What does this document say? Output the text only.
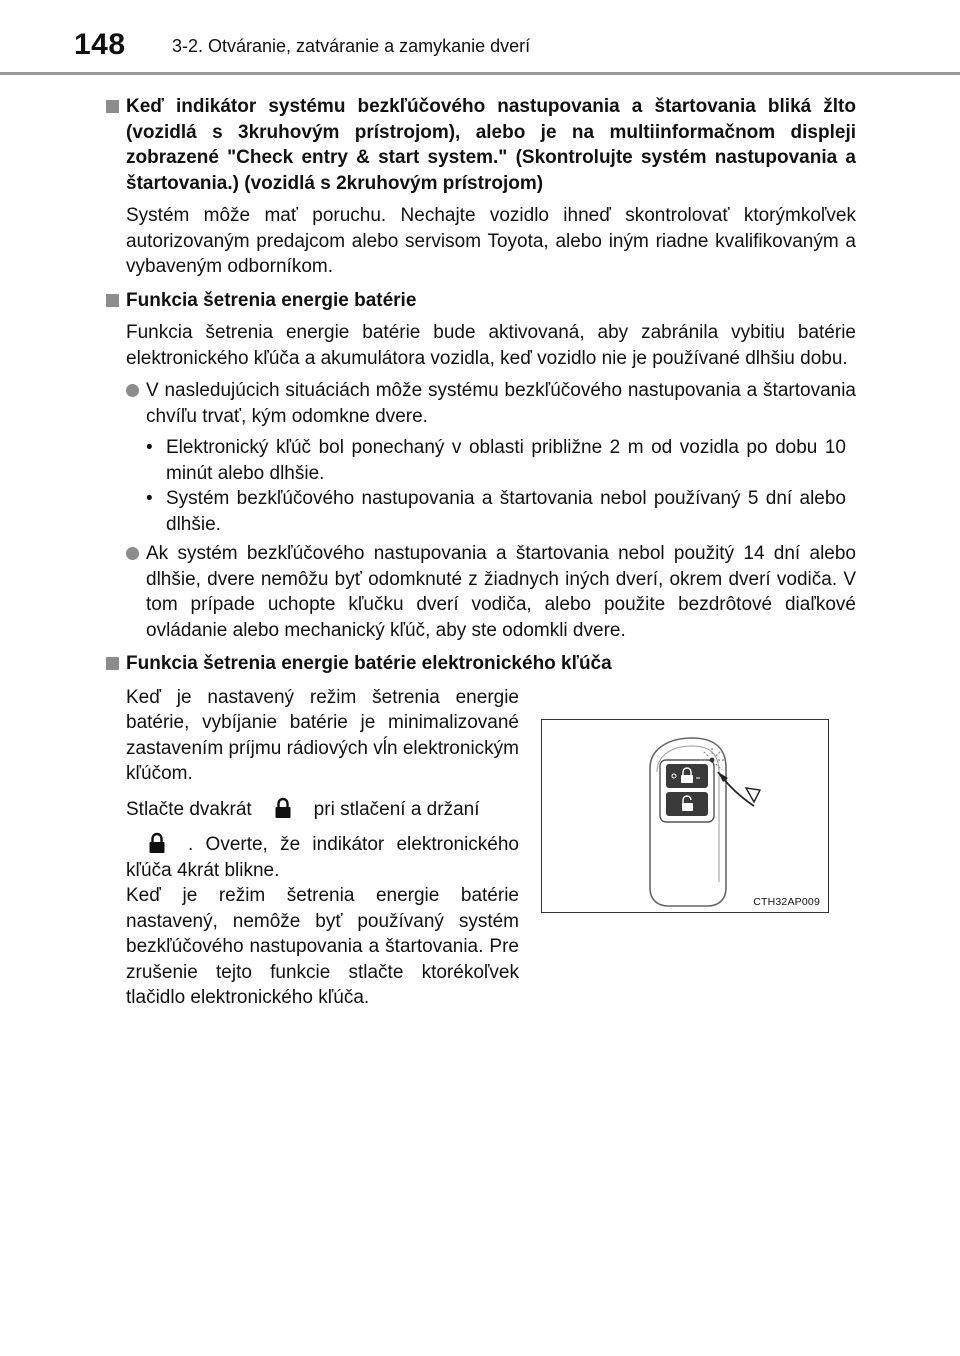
148	3-2. Otváranie, zatváranie a zamykanie dverí
Keď indikátor systému bezkľúčového nastupovania a štartovania bliká žlto (vozidlá s 3kruhovým prístrojom), alebo je na multiinformačnom displeji zobrazené "Check entry & start system." (Skontrolujte systém nastupovania a štartovania.) (vozidlá s 2kruhovým prístrojom)
Systém môže mať poruchu. Nechajte vozidlo ihneď skontrolovať ktorýmkoľvek autorizovaným predajcom alebo servisom Toyota, alebo iným riadne kvalifikovaným a vybaveným odborníkom.
Funkcia šetrenia energie batérie
Funkcia šetrenia energie batérie bude aktivovaná, aby zabránila vybitiu batérie elektronického kľúča a akumulátora vozidla, keď vozidlo nie je používané dlhšiu dobu.
V nasledujúcich situáciách môže systému bezkľúčového nastupovania a štartovania chvíľu trvať, kým odomkne dvere.
• Elektronický kľúč bol ponechaný v oblasti približne 2 m od vozidla po dobu 10 minút alebo dlhšie.
• Systém bezkľúčového nastupovania a štartovania nebol používaný 5 dní alebo dlhšie.
Ak systém bezkľúčového nastupovania a štartovania nebol použitý 14 dní alebo dlhšie, dvere nemôžu byť odomknuté z žiadnych iných dverí, okrem dverí vodiča. V tom prípade uchopte kľučku dverí vodiča, alebo použite bezdrôtové diaľkové ovládanie alebo mechanický kľúč, aby ste odomkli dvere.
Funkcia šetrenia energie batérie elektronického kľúča
Keď je nastavený režim šetrenia energie batérie, vybíjanie batérie je minimalizované zastavením príjmu rádiových vĺn elektronickým kľúčom.
Stlačte dvakrát	pri stlačení a držaní
. Overte, že indikátor elektronického kľúča 4krát blikne.
Keď je režim šetrenia energie batérie nastavený, nemôže byť používaný systém bezkľúčového nastupovania a štartovania. Pre zrušenie tejto funkcie stlačte ktorékoľvek tlačidlo elektronického kľúča.
CTH32AP009
